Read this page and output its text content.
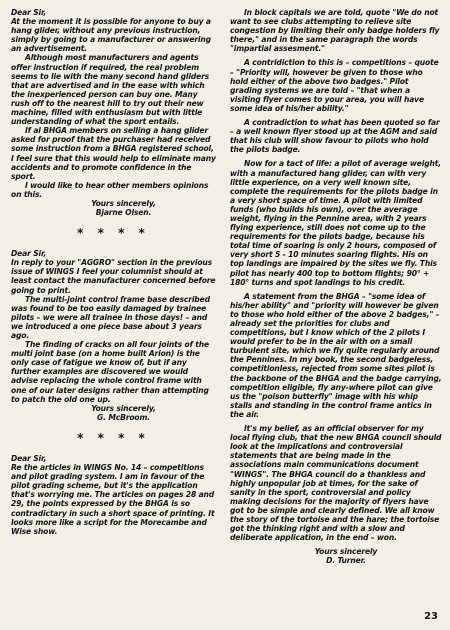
Dear Sir,

At the moment it is possible for anyone to buy a hang glider, without any previous instruction, simply by going to a manufacturer or answering an advertisement.

Although most manufacturers and agents offer instruction if required, the real problem seems to lie with the many second hand gliders that are advertised and in the ease with which the inexperienced person can buy one. Many rush off to the nearest hill to try out their new machine, filled with enthusiasm but with little understanding of what the sport entails.

If al BHGA members on selling a hang glider asked for proof that the purchaser had received some instruction from a BHGA registered school, I feel sure that this would help to eliminate many accidents and to promote confidence in the sport.

I would like to hear other members opinions on this.

Yours sincerely,

Bjarne Olsen.

* * * *

Dear Sir,

In reply to your "AGGRO" section in the previous issue of WINGS I feel your columnist should at least contact the manufacturer concerned before going to print.

The multi-joint control frame base described was found to be too easily damaged by trainee pilots – we were all trainee in those days! – and we introduced a one piece base about 3 years ago.

The finding of cracks on all four joints of the multi joint base (on a home built Arion) is the only case of fatigue we know of, but if any further examples are discovered we would advise replacing the whole control frame with one of our later designs rather than attempting to patch the old one up.

Yours sincerely,

G. McBroom.

* * * *

Dear Sir,

Re the articles in WINGS No. 14 – competitions and pilot grading system. I am in favour of the pilot grading scheme, but it's the application that's worrying me. The articles on pages 28 and 29, the points expressed by the BHGA is so contradictary in such a short space of printing. It looks more like a script for the Morecambe and Wise show.

In block capitals we are told, quote "We do not want to see clubs attempting to relieve site congestion by limiting their only badge holders fly there," and in the same paragraph the words "impartial assesment."

A contridiction to this is – competitions – quote – "Priority will, however be given to those who hold either of the above two badges." Pilot grading systems we are told – "that when a visiting flyer comes to your area, you will have some idea of his/her ability."

A contradiction to what has been quoted so far – a well known flyer stood up at the AGM and said that his club will show favour to pilots who hold the pilots badge.

Now for a tact of life: a pilot of average weight, with a manufactured hang glider, can with very little experience, on a very well known site, complete the requirements for the pilots badge in a very short space of time. A pilot with limited funds (who builds his own), over the average weight, flying in the Pennine area, with 2 years flying experience, still does not come up to the requirements for the pilots badge, because his total time of soaring is only 2 hours, composed of very short 5 - 10 minutes soaring flights. His on top landings are impaired by the sites we fly. This pilot has nearly 400 top to bottom flights; 90° + 180° turns and spot landings to his credit.

A statement from the BHGA – "some idea of his/her ability" and "priority will however be given to those who hold either of the above 2 badges," – already set the priorities for clubs and competitions, but I know which of the 2 pilots I would prefer to be in the air with on a small turbulent site, which we fly quite regularly around the Pennines. In my book, the second badgeless, competitionless, rejected from some sites pilot is the backbone of the BHGA and the badge carrying, competition eligible, fly any-where pilot can give us the "poison butterfly" image with his whip stalls and standing in the control frame antics in the air.

It's my belief, as an official observer for my local flying club, that the new BHGA council should look at the implications and controversial statements that are being made in the associations main communications document "WINGS". The BHGA council do a thankless and highly unpopular job at times, for the sake of sanity in the sport, controversial and policy making decisions for the majority of flyers have got to be simple and clearly defined. We all know the story of the tortoise and the hare; the tortoise got the thinking right and with a slow and deliberate application, in the end – won.

Yours sincerely

D. Turner.

23
